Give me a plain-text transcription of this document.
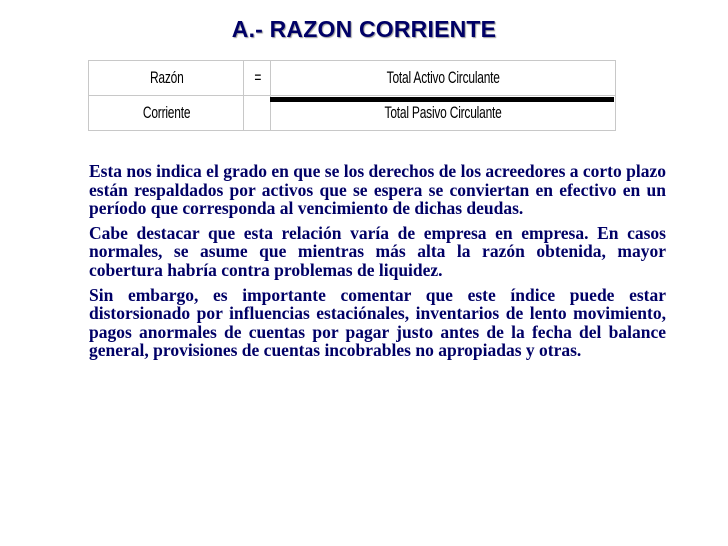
A.- RAZON CORRIENTE
Razón	=	Total Activo Circulante
Corriente		Total Pasivo Circulante

Esta nos indica el grado en que se los derechos de los acreedores a corto plazo están respaldados por activos que se espera se conviertan en efectivo en un período que corresponda al vencimiento de dichas deudas.

Cabe destacar que esta relación varía de empresa en empresa. En casos normales, se asume que mientras más alta la razón obtenida, mayor cobertura habría contra problemas de liquidez.

Sin embargo, es importante comentar que este índice puede estar distorsionado por influencias estaciónales, inventarios de lento movimiento, pagos anormales de cuentas por pagar justo antes de la fecha del balance general, provisiones de cuentas incobrables no apropiadas y otras.
